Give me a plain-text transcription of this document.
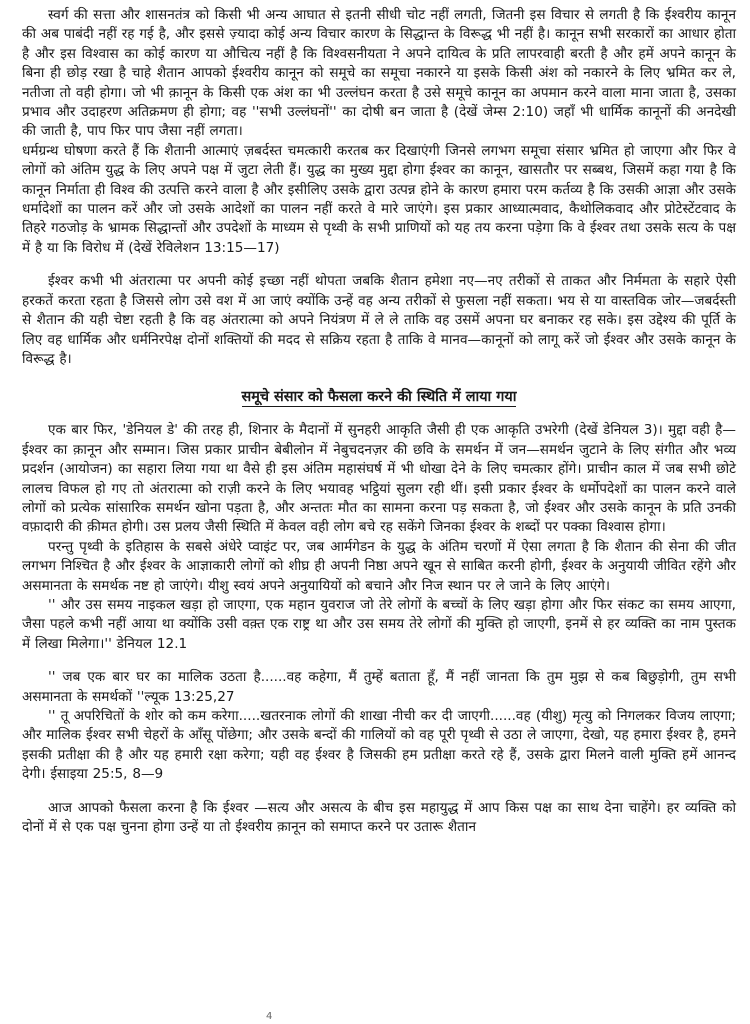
स्वर्ग की सत्ता और शासनतंत्र को किसी भी अन्य आघात से इतनी सीधी चोट नहीं लगती, जितनी इस विचार से लगती है कि ईश्वरीय कानून की अब पाबंदी नहीं रह गई है, और इससे ज़्यादा कोई अन्य विचार कारण के सिद्धान्त के विरूद्ध भी नहीं है। कानून सभी सरकारों का आधार होता है और इस विश्वास का कोई कारण या औचित्य नहीं है कि विश्वसनीयता ने अपने दायित्व के प्रति लापरवाही बरती है और हमें अपने कानून के बिना ही छोड़ रखा है चाहे शैतान आपको ईश्वरीय कानून को समूचे का समूचा नकारने या इसके किसी अंश को नकारने के लिए भ्रमित कर ले, नतीजा तो वही होगा। जो भी क़ानून के किसी एक अंश का भी उल्लंघन करता है उसे समूचे कानून का अपमान करने वाला माना जाता है, उसका प्रभाव और उदाहरण अतिक्रमण ही होगा; वह ''सभी उल्लंघनों'' का दोषी बन जाता है (देखें जेम्स 2:10) जहाँ भी धार्मिक कानूनों की अनदेखी की जाती है, पाप फिर पाप जैसा नहीं लगता।

धर्मग्रन्थ घोषणा करते हैं कि शैतानी आत्माएं ज़बर्दस्त चमत्कारी करतब कर दिखाएंगी जिनसे लगभग समूचा संसार भ्रमित हो जाएगा और फिर वे लोगों को अंतिम युद्ध के लिए अपने पक्ष में जुटा लेती हैं। युद्ध का मुख्य मुद्दा होगा ईश्वर का कानून, खासतौर पर सब्बथ, जिसमें कहा गया है कि कानून निर्माता ही विश्व की उत्पत्ति करने वाला है और इसीलिए उसके द्वारा उत्पन्न होने के कारण हमारा परम कर्तव्य है कि उसकी आज्ञा और उसके धर्मादेशों का पालन करें और जो उसके आदेशों का पालन नहीं करते वे मारे जाएंगे। इस प्रकार आध्यात्मवाद, कैथोलिकवाद और प्रोटेस्टेंटवाद के तिहरे गठजोड़ के भ्रामक सिद्धान्तों और उपदेशों के माध्यम से पृथ्वी के सभी प्राणियों को यह तय करना पड़ेगा कि वे ईश्वर तथा उसके सत्य के पक्ष में है या कि विरोध में (देखें रेविलेशन 13:15—17)

ईश्वर कभी भी अंतरात्मा पर अपनी कोई इच्छा नहीं थोपता जबकि शैतान हमेशा नए—नए तरीकों से ताकत और निर्ममता के सहारे ऐसी हरकतें करता रहता है जिससे लोग उसे वश में आ जाएं क्योंकि उन्हें वह अन्य तरीकों से फुसला नहीं सकता। भय से या वास्तविक जोर—जबर्दस्ती से शैतान की यही चेष्टा रहती है कि वह अंतरात्मा को अपने नियंत्रण में ले ले ताकि वह उसमें अपना घर बनाकर रह सके। इस उद्देश्य की पूर्ति के लिए वह धार्मिक और धर्मनिरपेक्ष दोनों शक्तियों की मदद से सक्रिय रहता है ताकि वे मानव—कानूनों को लागू करें जो ईश्वर और उसके कानून के विरूद्ध है।

समूचे संसार को फैसला करने की स्थिति में लाया गया

एक बार फिर, 'डेनियल डे' की तरह ही, शिनार के मैदानों में सुनहरी आकृति जैसी ही एक आकृति उभरेगी (देखें डेनियल 3)। मुद्दा वही है— ईश्वर का क़ानून और सम्मान। जिस प्रकार प्राचीन बेबीलोन में नेबुचदनज़र की छवि के समर्थन में जन—समर्थन जुटाने के लिए संगीत और भव्य प्रदर्शन (आयोजन) का सहारा लिया गया था वैसे ही इस अंतिम महासंघर्ष में भी धोखा देने के लिए चमत्कार होंगे। प्राचीन काल में जब सभी छोटे लालच विफल हो गए तो अंतरात्मा को राज़ी करने के लिए भयावह भट्ठियां सुलग रही थीं। इसी प्रकार ईश्वर के धर्मोपदेशों का पालन करने वाले लोगों को प्रत्येक सांसारिक समर्थन खोना पड़ता है, और अन्ततः मौत का सामना करना पड़ सकता है, जो ईश्वर और उसके कानून के प्रति उनकी वफ़ादारी की क़ीमत होगी। उस प्रलय जैसी स्थिति में केवल वही लोग बचे रह सकेंगे जिनका ईश्वर के शब्दों पर पक्का विश्वास होगा।

परन्तु पृथ्वी के इतिहास के सबसे अंधेरे प्वाइंट पर, जब आर्मगेडन के युद्ध के अंतिम चरणों में ऐसा लगता है कि शैतान की सेना की जीत लगभग निश्चित है और ईश्वर के आज्ञाकारी लोगों को शीघ्र ही अपनी निष्ठा अपने खून से साबित करनी होगी, ईश्वर के अनुयायी जीवित रहेंगे और असमानता के समर्थक नष्ट हो जाएंगे। यीशु स्वयं अपने अनुयायियों को बचाने और निज स्थान पर ले जाने के लिए आएंगे।

'' और उस समय नाइकल खड़ा हो जाएगा, एक महान युवराज जो तेरे लोगों के बच्चों के लिए खड़ा होगा और फिर संकट का समय आएगा, जैसा पहले कभी नहीं आया था क्योंकि उसी वक़्त एक राष्ट्र था और उस समय तेरे लोगों की मुक्ति हो जाएगी, इनमें से हर व्यक्ति का नाम पुस्तक में लिखा मिलेगा।'' डेनियल 12.1

'' जब एक बार घर का मालिक उठता है......वह कहेगा, मैं तुम्हें बताता हूँ, मैं नहीं जानता कि तुम मुझ से कब बिछुड़ोगी, तुम सभी असमानता के समर्थकों ''ल्यूक 13:25,27

'' तू अपरिचितों के शोर को कम करेगा.....खतरनाक लोगों की शाखा नीची कर दी जाएगी......वह (यीशु) मृत्यु को निगलकर विजय लाएगा; और मालिक ईश्वर सभी चेहरों के आँसू पोंछेगा; और उसके बन्दों की गालियों को वह पूरी पृथ्वी से उठा ले जाएगा, देखो, यह हमारा ईश्वर है, हमने इसकी प्रतीक्षा की है और यह हमारी रक्षा करेगा; यही वह ईश्वर है जिसकी हम प्रतीक्षा करते रहे हैं, उसके द्वारा मिलने वाली मुक्ति हमें आनन्द देगी। ईसाइया 25:5, 8—9

आज आपको फैसला करना है कि ईश्वर —सत्य और असत्य के बीच इस महायुद्ध में आप किस पक्ष का साथ देना चाहेंगे। हर व्यक्ति को दोनों में से एक पक्ष चुनना होगा उन्हें या तो ईश्वरीय क़ानून को समाप्त करने पर उतारू शैतान

4
